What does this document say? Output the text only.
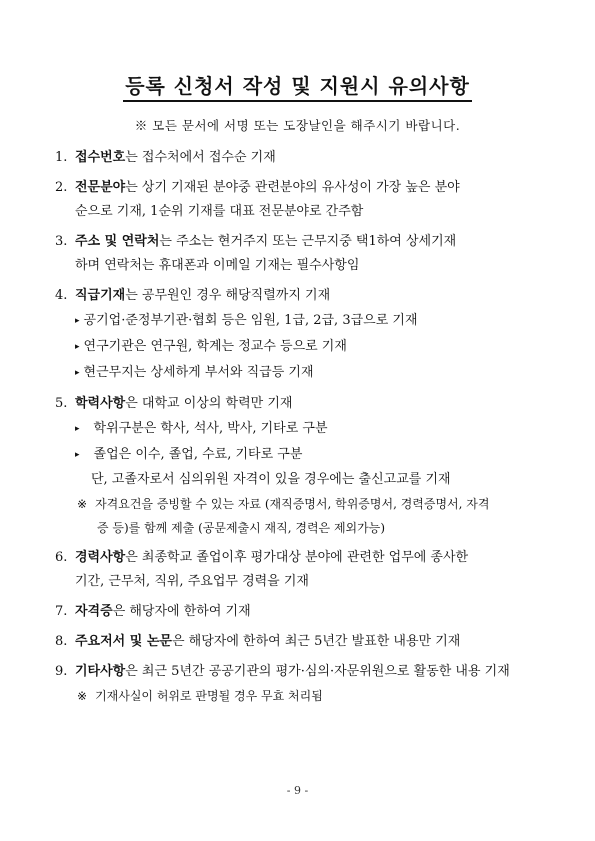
등록 신청서 작성 및 지원시 유의사항
※ 모든 문서에 서명 또는 도장날인을 해주시기 바랍니다.
1. 접수번호는 접수처에서 접수순 기재
2. 전문분야는 상기 기재된 분야중 관련분야의 유사성이 가장 높은 분야
순으로 기재, 1순위 기재를 대표 전문분야로 간주함
3. 주소 및 연락처는 주소는 현거주지 또는 근무지중 택1하여 상세기재
하며 연락처는 휴대폰과 이메일 기재는 필수사항임
4. 직급기재는 공무원인 경우 해당직렬까지 기재
▸ 공기업·준정부기관·협회 등은 임원, 1급, 2급, 3급으로 기재
▸ 연구기관은 연구원, 학계는 정교수 등으로 기재
▸ 현근무지는 상세하게 부서와 직급등 기재
5. 학력사항은 대학교 이상의 학력만 기재
▸ 학위구분은 학사, 석사, 박사, 기타로 구분
▸ 졸업은 이수, 졸업, 수료, 기타로 구분
단, 고졸자로서 심의위원 자격이 있을 경우에는 출신고교를 기재
※ 자격요건을 증빙할 수 있는 자료 (재직증명서, 학위증명서, 경력증명서, 자격
증 등)를 함께 제출 (공문제출시 재직, 경력은 제외가능)
6. 경력사항은 최종학교 졸업이후 평가대상 분야에 관련한 업무에 종사한
기간, 근무처, 직위, 주요업무 경력을 기재
7. 자격증은 해당자에 한하여 기재
8. 주요저서 및 논문은 해당자에 한하여 최근 5년간 발표한 내용만 기재
9. 기타사항은 최근 5년간 공공기관의 평가·심의·자문위원으로 활동한 내용 기재
※ 기재사실이 허위로 판명될 경우 무효 처리됨
- 9 -
